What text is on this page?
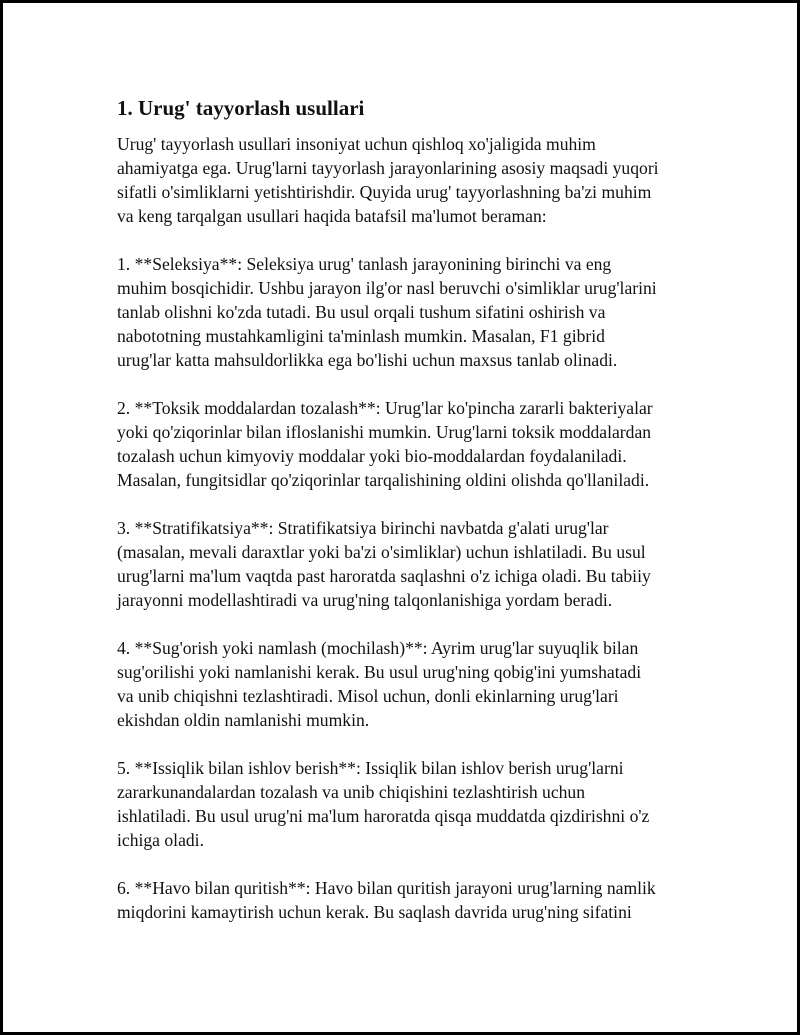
1. Urug' tayyorlash usullari

Urug' tayyorlash usullari insoniyat uchun qishloq xo'jaligida muhim
ahamiyatga ega. Urug'larni tayyorlash jarayonlarining asosiy maqsadi yuqori
sifatli o'simliklarni yetishtirishdir. Quyida urug' tayyorlashning ba'zi muhim
va keng tarqalgan usullari haqida batafsil ma'lumot beraman:

1. **Seleksiya**: Seleksiya urug' tanlash jarayonining birinchi va eng
muhim bosqichidir. Ushbu jarayon ilg'or nasl beruvchi o'simliklar urug'larini
tanlab olishni ko'zda tutadi. Bu usul orqali tushum sifatini oshirish va
nabototning mustahkamligini ta'minlash mumkin. Masalan, F1 gibrid
urug'lar katta mahsuldorlikka ega bo'lishi uchun maxsus tanlab olinadi.

2. **Toksik moddalardan tozalash**: Urug'lar ko'pincha zararli bakteriyalar
yoki qo'ziqorinlar bilan ifloslanishi mumkin. Urug'larni toksik moddalardan
tozalash uchun kimyoviy moddalar yoki bio-moddalardan foydalaniladi.
Masalan, fungitsidlar qo'ziqorinlar tarqalishining oldini olishda qo'llaniladi.

3. **Stratifikatsiya**: Stratifikatsiya birinchi navbatda g'alati urug'lar
(masalan, mevali daraxtlar yoki ba'zi o'simliklar) uchun ishlatiladi. Bu usul
urug'larni ma'lum vaqtda past haroratda saqlashni o'z ichiga oladi. Bu tabiiy
jarayonni modellashtiradi va urug'ning talqonlanishiga yordam beradi.

4. **Sug'orish yoki namlash (mochilash)**: Ayrim urug'lar suyuqlik bilan
sug'orilishi yoki namlanishi kerak. Bu usul urug'ning qobig'ini yumshatadi
va unib chiqishni tezlashtiradi. Misol uchun, donli ekinlarning urug'lari
ekishdan oldin namlanishi mumkin.

5. **Issiqlik bilan ishlov berish**: Issiqlik bilan ishlov berish urug'larni
zararkunandalardan tozalash va unib chiqishini tezlashtirish uchun
ishlatiladi. Bu usul urug'ni ma'lum haroratda qisqa muddatda qizdirishni o'z
ichiga oladi.

6. **Havo bilan quritish**: Havo bilan quritish jarayoni urug'larning namlik
miqdorini kamaytirish uchun kerak. Bu saqlash davrida urug'ning sifatini
